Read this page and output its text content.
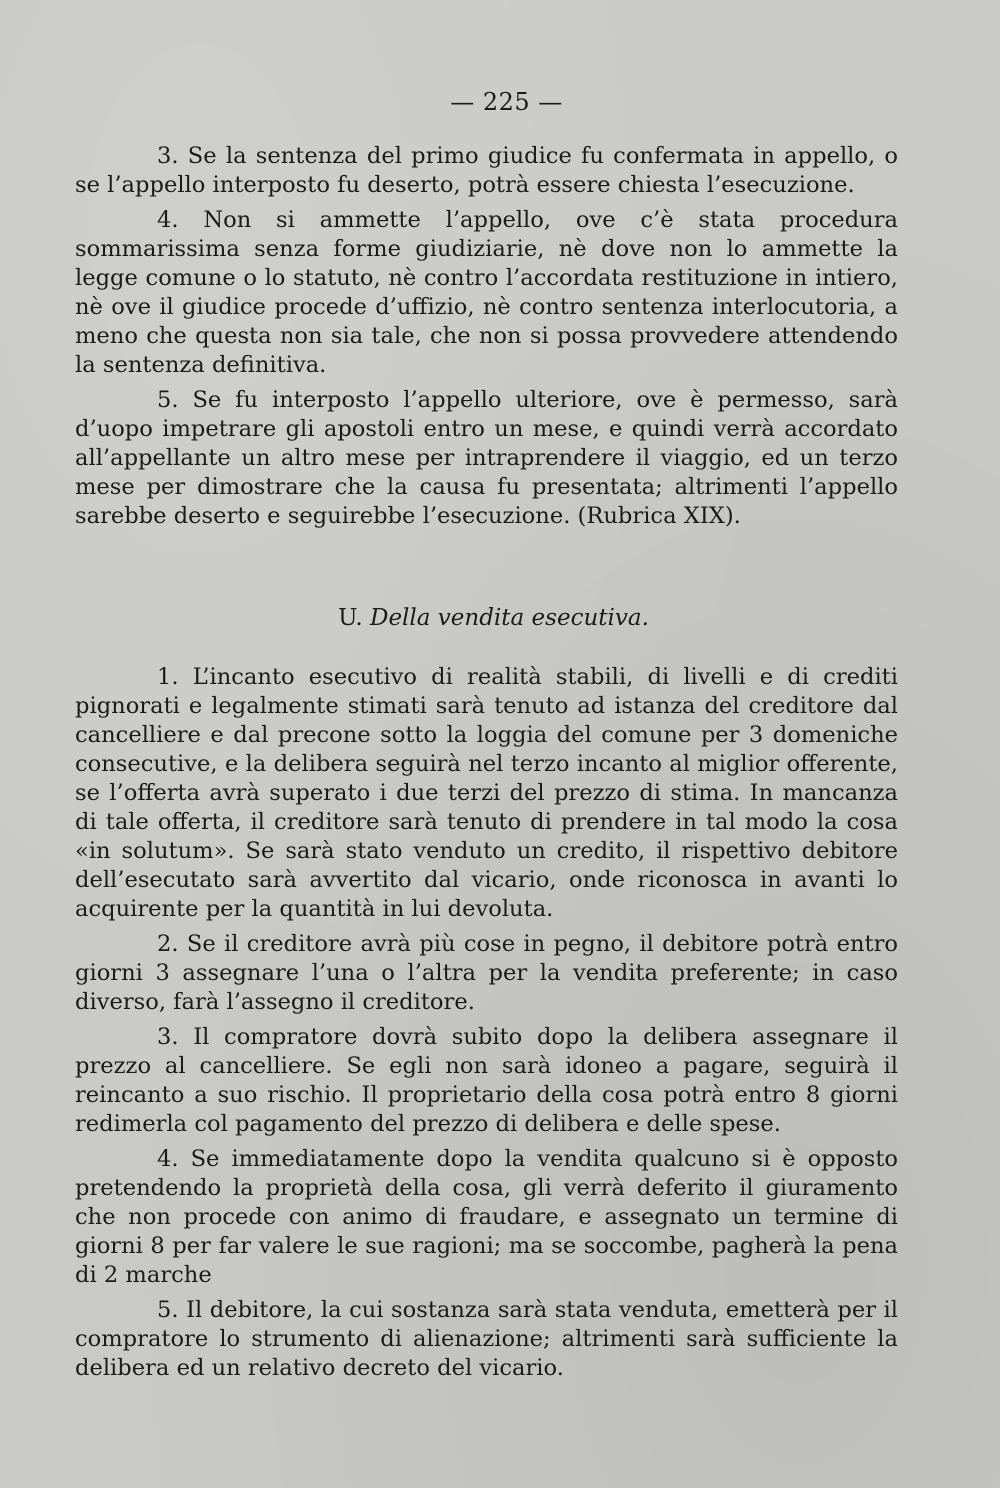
— 225 —

3. Se la sentenza del primo giudice fu confermata in appello, o se l’appello interposto fu deserto, potrà essere chiesta l’esecuzione.

4. Non si ammette l’appello, ove c’è stata procedura sommarissima senza forme giudiziarie, nè dove non lo ammette la legge comune o lo statuto, nè contro l’accordata restituzione in intiero, nè ove il giudice procede d’uffizio, nè contro sentenza interlocutoria, a meno che questa non sia tale, che non si possa provvedere attendendo la sentenza definitiva.

5. Se fu interposto l’appello ulteriore, ove è permesso, sarà d’uopo impetrare gli apostoli entro un mese, e quindi verrà accordato all’appellante un altro mese per intraprendere il viaggio, ed un terzo mese per dimostrare che la causa fu presentata; altrimenti l’appello sarebbe deserto e seguirebbe l’esecuzione. (Rubrica XIX).

U. Della vendita esecutiva.

1. L’incanto esecutivo di realità stabili, di livelli e di crediti pignorati e legalmente stimati sarà tenuto ad istanza del creditore dal cancelliere e dal precone sotto la loggia del comune per 3 domeniche consecutive, e la delibera seguirà nel terzo incanto al miglior offerente, se l’offerta avrà superato i due terzi del prezzo di stima. In mancanza di tale offerta, il creditore sarà tenuto di prendere in tal modo la cosa «in solutum». Se sarà stato venduto un credito, il rispettivo debitore dell’esecutato sarà avvertito dal vicario, onde riconosca in avanti lo acquirente per la quantità in lui devoluta.

2. Se il creditore avrà più cose in pegno, il debitore potrà entro giorni 3 assegnare l’una o l’altra per la vendita preferente; in caso diverso, farà l’assegno il creditore.

3. Il compratore dovrà subito dopo la delibera assegnare il prezzo al cancelliere. Se egli non sarà idoneo a pagare, seguirà il reincanto a suo rischio. Il proprietario della cosa potrà entro 8 giorni redimerla col pagamento del prezzo di delibera e delle spese.

4. Se immediatamente dopo la vendita qualcuno si è opposto pretendendo la proprietà della cosa, gli verrà deferito il giuramento che non procede con animo di fraudare, e assegnato un termine di giorni 8 per far valere le sue ragioni; ma se soccombe, pagherà la pena di 2 marche

5. Il debitore, la cui sostanza sarà stata venduta, emetterà per il compratore lo strumento di alienazione; altrimenti sarà sufficiente la delibera ed un relativo decreto del vicario.
